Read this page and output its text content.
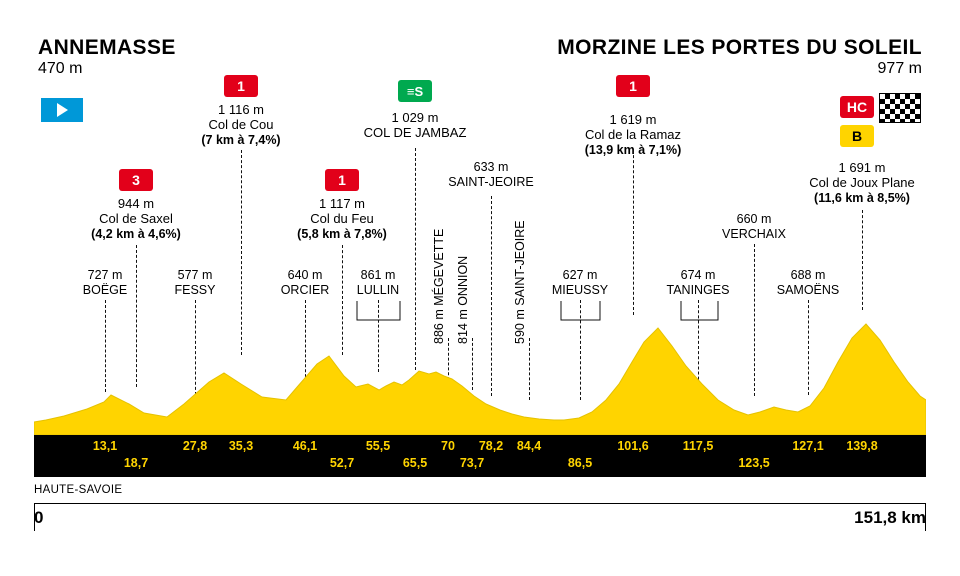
ANNEMASSE
470 m
MORZINE LES PORTES DU SOLEIL
977 m
3
1
1
1
HC
B
≡S
944 m
Col de Saxel
(4,2 km à 4,6%)
1 116 m
Col de Cou
(7 km à 7,4%)
1 117 m
Col du Feu
(5,8 km à 7,8%)
1 619 m
Col de la Ramaz
(13,9 km à 7,1%)
1 691 m
Col de Joux Plane
(11,6 km à 8,5%)
1 029 m
COL DE JAMBAZ
727 m
BOËGE
577 m
FESSY
640 m
ORCIER
861 m
LULLIN
633 m
SAINT-JEOIRE
627 m
MIEUSSY
674 m
TANINGES
660 m
VERCHAIX
688 m
SAMOËNS
886 m MÉGEVETTE 814 m ONNION	590 m SAINT-JEOIRE
13,1
18,7
27,8 35,3	46,1
52,7
55,5
65,5
70
73,7
78,2 84,4
86,5
101,6	117,5
123,5
127,1 139,8
HAUTE-SAVOIE
0	151,8 km
